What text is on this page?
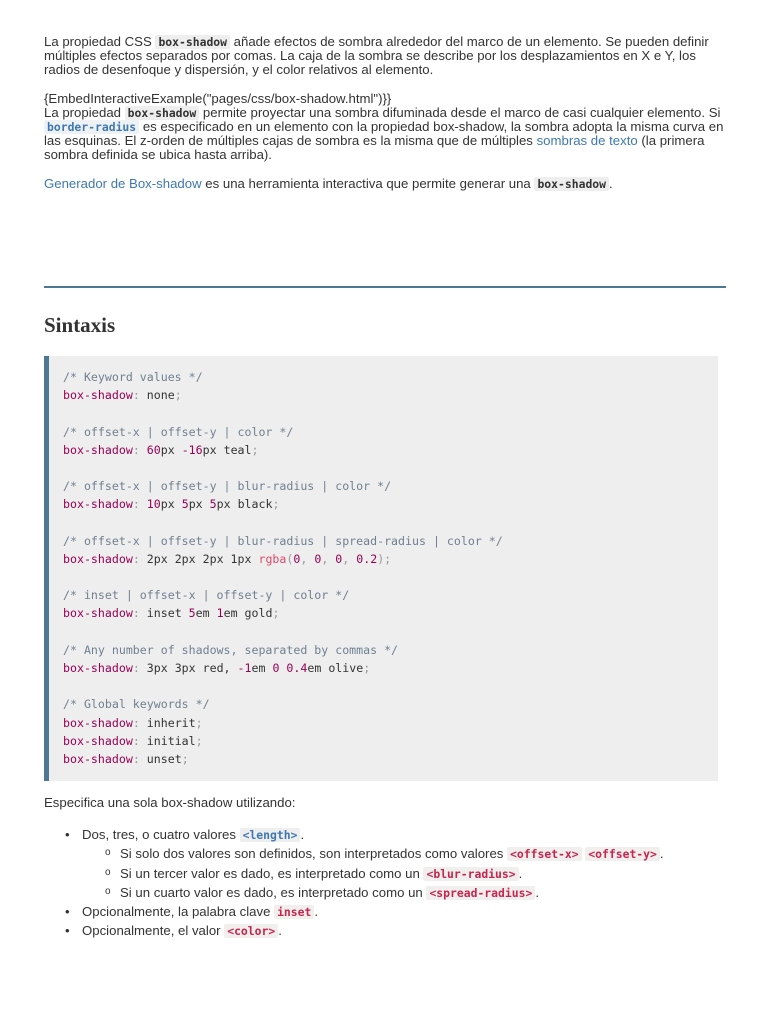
La propiedad CSS box-shadow añade efectos de sombra alrededor del marco de un elemento. Se pueden definir múltiples efectos separados por comas. La caja de la sombra se describe por los desplazamientos en X e Y, los radios de desenfoque y dispersión, y el color relativos al elemento.

{EmbedInteractiveExample("pages/css/box-shadow.html")}}
La propiedad box-shadow permite proyectar una sombra difuminada desde el marco de casi cualquier elemento. Si border-radius es especificado en un elemento con la propiedad box-shadow, la sombra adopta la misma curva en las esquinas. El z-orden de múltiples cajas de sombra es la misma que de múltiples sombras de texto (la primera sombra definida se ubica hasta arriba).

Generador de Box-shadow es una herramienta interactiva que permite generar una box-shadow .

Sintaxis
/* Keyword values */
box-shadow: none;
/* offset-x | offset-y | color */
box-shadow: 60px -16px teal;
/* offset-x | offset-y | blur-radius | color */
box-shadow: 10px 5px 5px black;
/* offset-x | offset-y | blur-radius | spread-radius | color */
box-shadow: 2px 2px 2px 1px rgba(0, 0, 0, 0.2);
/* inset | offset-x | offset-y | color */
box-shadow: inset 5em 1em gold;
/* Any number of shadows, separated by commas */
box-shadow: 3px 3px red, -1em 0 0.4em olive;
/* Global keywords */
box-shadow: inherit;
box-shadow: initial;
box-shadow: unset;

Especifica una sola box-shadow utilizando:

• Dos, tres, o cuatro valores <length> .
o Si solo dos valores son definidos, son interpretados como valores <offset-x> <offset-y> .
o Si un tercer valor es dado, es interpretado como un <blur-radius> .
o Si un cuarto valor es dado, es interpretado como un <spread-radius> .
• Opcionalmente, la palabra clave inset .
• Opcionalmente, el valor <color> .
